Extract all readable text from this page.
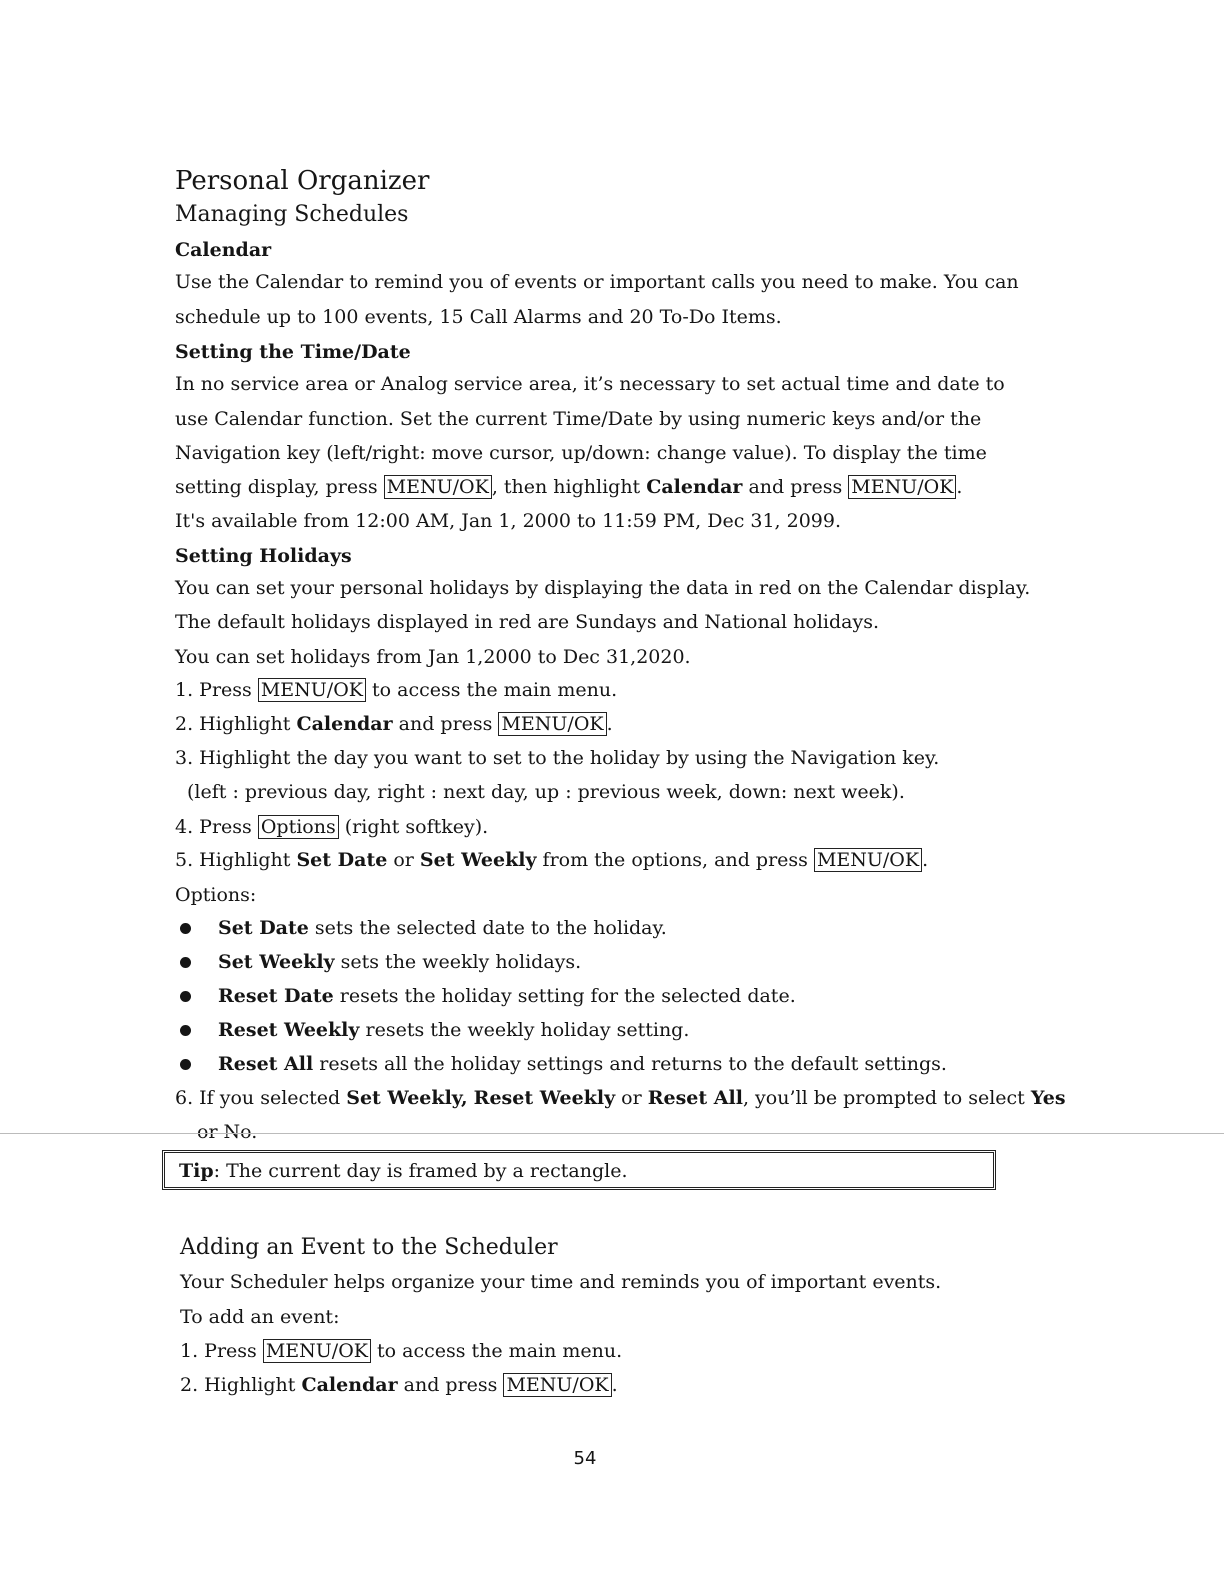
Personal Organizer
Managing Schedules
Calendar
Use the Calendar to remind you of events or important calls you need to make. You can
schedule up to 100 events, 15 Call Alarms and 20 To-Do Items.
Setting the Time/Date
In no service area or Analog service area, it’s necessary to set actual time and date to
use Calendar function. Set the current Time/Date by using numeric keys and/or the
Navigation key (left/right: move cursor, up/down: change value). To display the time
setting display, press MENU/OK , then highlight Calendar and press MENU/OK .
It's available from 12:00 AM, Jan 1, 2000 to 11:59 PM, Dec 31, 2099.
Setting Holidays
You can set your personal holidays by displaying the data in red on the Calendar display.
The default holidays displayed in red are Sundays and National holidays.
You can set holidays from Jan 1,2000 to Dec 31,2020.
1. Press MENU/OK to access the main menu.
2. Highlight Calendar and press MENU/OK .
3. Highlight the day you want to set to the holiday by using the Navigation key.
(left : previous day, right : next day, up : previous week, down: next week).
4. Press Options (right softkey).
5. Highlight Set Date or Set Weekly from the options, and press MENU/OK .
Options:
Set Date sets the selected date to the holiday.
Set Weekly sets the weekly holidays.
Reset Date resets the holiday setting for the selected date.
Reset Weekly resets the weekly holiday setting.
Reset All resets all the holiday settings and returns to the default settings.
6. If you selected Set Weekly, Reset Weekly or Reset All, you’ll be prompted to select Yes
or No.
Tip: The current day is framed by a rectangle.
Adding an Event to the Scheduler
Your Scheduler helps organize your time and reminds you of important events.
To add an event:
1. Press MENU/OK to access the main menu.
2. Highlight Calendar and press MENU/OK .
54
